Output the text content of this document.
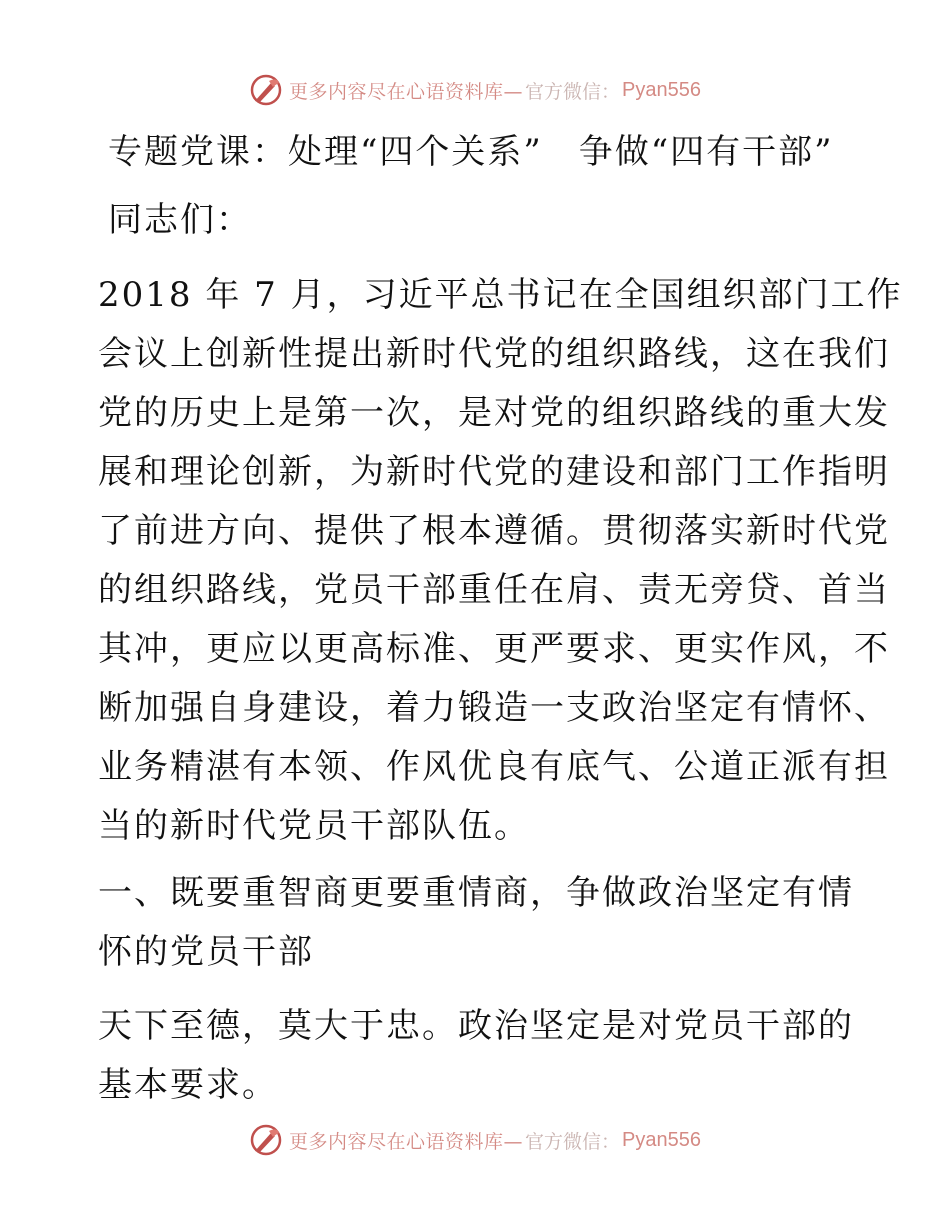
更多内容尽在心语资料库— 官方微信： Pyan556
专题党课：处理“四个关系”　争做“四有干部”
同志们：
2018 年 7 月，习近平总书记在全国组织部门工作
会议上创新性提出新时代党的组织路线，这在我们
党的历史上是第一次，是对党的组织路线的重大发
展和理论创新，为新时代党的建设和部门工作指明
了前进方向、提供了根本遵循。贯彻落实新时代党
的组织路线，党员干部重任在肩、责无旁贷、首当
其冲，更应以更高标准、更严要求、更实作风，不
断加强自身建设，着力锻造一支政治坚定有情怀、
业务精湛有本领、作风优良有底气、公道正派有担
当的新时代党员干部队伍。
一、既要重智商更要重情商，争做政治坚定有情
怀的党员干部
天下至德，莫大于忠。政治坚定是对党员干部的
基本要求。
更多内容尽在心语资料库— 官方微信： Pyan556
